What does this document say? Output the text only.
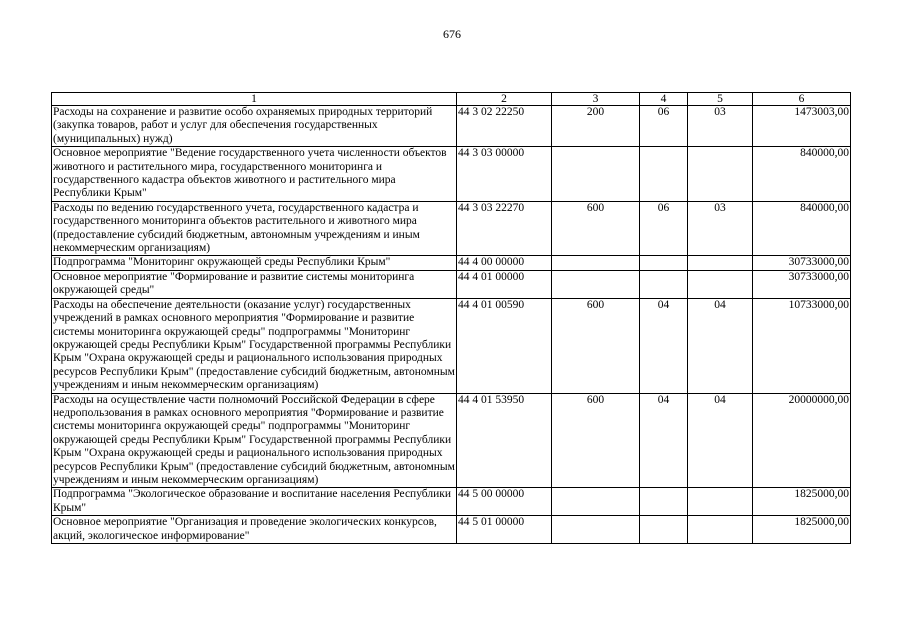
676
1	2	3	4	5	6
Расходы на сохранение и развитие особо охраняемых природных территорий (закупка товаров, работ и услуг для обеспечения государственных (муниципальных) нужд)	44 3 02 22250	200	06	03	1473003,00
Основное мероприятие "Ведение государственного учета численности объектов животного и растительного мира, государственного мониторинга и государственного кадастра объектов животного и растительного мира Республики Крым"	44 3 03 00000				840000,00
Расходы по ведению государственного учета, государственного кадастра и государственного мониторинга объектов растительного и животного мира (предоставление субсидий бюджетным, автономным учреждениям и иным некоммерческим организациям)	44 3 03 22270	600	06	03	840000,00
Подпрограмма "Мониторинг окружающей среды Республики Крым"	44 4 00 00000				30733000,00
Основное мероприятие "Формирование и развитие системы мониторинга окружающей среды"	44 4 01 00000				30733000,00
Расходы на обеспечение деятельности (оказание услуг) государственных учреждений в рамках основного мероприятия "Формирование и развитие системы мониторинга окружающей среды" подпрограммы "Мониторинг окружающей среды Республики Крым" Государственной программы Республики Крым "Охрана окружающей среды и рационального использования природных ресурсов Республики Крым" (предоставление субсидий бюджетным, автономным учреждениям и иным некоммерческим организациям)	44 4 01 00590	600	04	04	10733000,00
Расходы на осуществление части полномочий Российской Федерации в сфере недропользования в рамках основного мероприятия "Формирование и развитие системы мониторинга окружающей среды" подпрограммы "Мониторинг окружающей среды Республики Крым" Государственной программы Республики Крым "Охрана окружающей среды и рационального использования природных ресурсов Республики Крым" (предоставление субсидий бюджетным, автономным учреждениям и иным некоммерческим организациям)	44 4 01 53950	600	04	04	20000000,00
Подпрограмма "Экологическое образование и воспитание населения Республики Крым"	44 5 00 00000				1825000,00
Основное мероприятие "Организация и проведение экологических конкурсов, акций, экологическое информирование"	44 5 01 00000				1825000,00
